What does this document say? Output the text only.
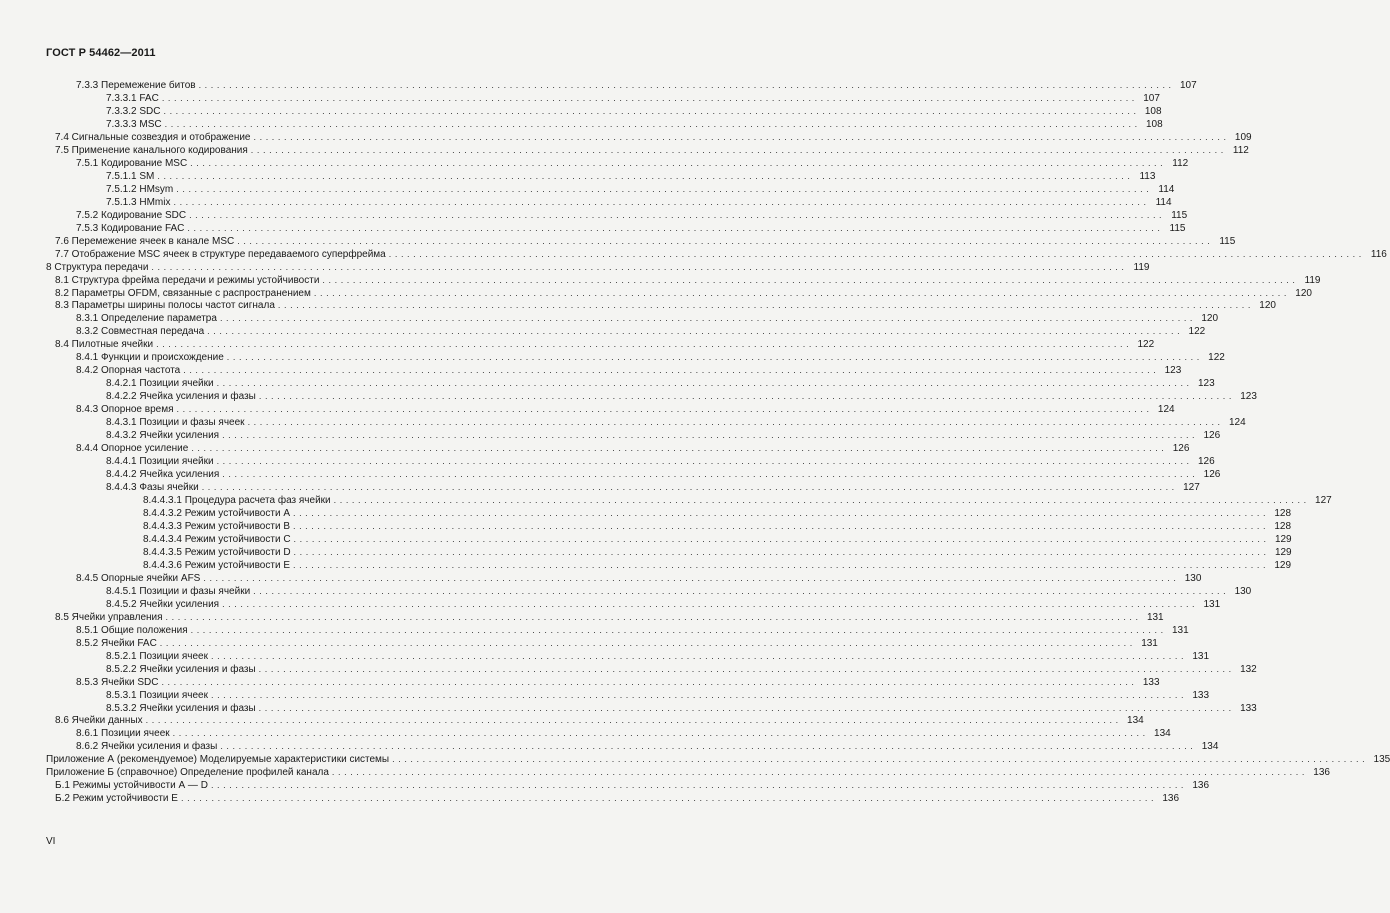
ГОСТ Р 54462—2011
7.3.3 Перемежение битов ................................................................................................................................................................ 107
7.3.3.1 FAC ................................................................................................................................................................ 107
7.3.3.2 SDC ................................................................................................................................................................ 108
7.3.3.3 MSC ................................................................................................................................................................ 108
7.4 Сигнальные созвездия и отображение ................................................................................................................................................................ 109
7.5 Применение канального кодирования ................................................................................................................................................................ 112
7.5.1 Кодирование MSC ................................................................................................................................................................ 112
7.5.1.1 SM ................................................................................................................................................................ 113
7.5.1.2 HMsym ................................................................................................................................................................ 114
7.5.1.3 HMmix ................................................................................................................................................................ 114
7.5.2 Кодирование SDC ................................................................................................................................................................ 115
7.5.3 Кодирование FAC ................................................................................................................................................................ 115
7.6 Перемежение ячеек в канале MSC ................................................................................................................................................................ 115
7.7 Отображение MSC ячеек в структуре передаваемого суперфрейма ................................................................................................................................................................ 116
8 Структура передачи ................................................................................................................................................................ 119
8.1 Структура фрейма передачи и режимы устойчивости ................................................................................................................................................................ 119
8.2 Параметры OFDM, связанные с распространением ................................................................................................................................................................ 120
8.3 Параметры ширины полосы частот сигнала ................................................................................................................................................................ 120
8.3.1 Определение параметра ................................................................................................................................................................ 120
8.3.2 Совместная передача ................................................................................................................................................................ 122
8.4 Пилотные ячейки ................................................................................................................................................................ 122
8.4.1 Функции и происхождение ................................................................................................................................................................ 122
8.4.2 Опорная частота ................................................................................................................................................................ 123
8.4.2.1 Позиции ячейки ................................................................................................................................................................ 123
8.4.2.2 Ячейка усиления и фазы ................................................................................................................................................................ 123
8.4.3 Опорное время ................................................................................................................................................................ 124
8.4.3.1 Позиции и фазы ячеек ................................................................................................................................................................ 124
8.4.3.2 Ячейки усиления ................................................................................................................................................................ 126
8.4.4 Опорное усиление ................................................................................................................................................................ 126
8.4.4.1 Позиции ячейки ................................................................................................................................................................ 126
8.4.4.2 Ячейка усиления ................................................................................................................................................................ 126
8.4.4.3 Фазы ячейки ................................................................................................................................................................ 127
8.4.4.3.1 Процедура расчета фаз ячейки ................................................................................................................................................................ 127
8.4.4.3.2 Режим устойчивости A ................................................................................................................................................................ 128
8.4.4.3.3 Режим устойчивости B ................................................................................................................................................................ 128
8.4.4.3.4 Режим устойчивости C ................................................................................................................................................................ 129
8.4.4.3.5 Режим устойчивости D ................................................................................................................................................................ 129
8.4.4.3.6 Режим устойчивости E ................................................................................................................................................................ 129
8.4.5 Опорные ячейки AFS ................................................................................................................................................................ 130
8.4.5.1 Позиции и фазы ячейки ................................................................................................................................................................ 130
8.4.5.2 Ячейки усиления ................................................................................................................................................................ 131
8.5 Ячейки управления ................................................................................................................................................................ 131
8.5.1 Общие положения ................................................................................................................................................................ 131
8.5.2 Ячейки FAC ................................................................................................................................................................ 131
8.5.2.1 Позиции ячеек ................................................................................................................................................................ 131
8.5.2.2 Ячейки усиления и фазы ................................................................................................................................................................ 132
8.5.3 Ячейки SDC ................................................................................................................................................................ 133
8.5.3.1 Позиции ячеек ................................................................................................................................................................ 133
8.5.3.2 Ячейки усиления и фазы ................................................................................................................................................................ 133
8.6 Ячейки данных ................................................................................................................................................................ 134
8.6.1 Позиции ячеек ................................................................................................................................................................ 134
8.6.2 Ячейки усиления и фазы ................................................................................................................................................................ 134
Приложение А (рекомендуемое) Моделируемые характеристики системы ................................................................................................................................................................ 135
Приложение Б (справочное) Определение профилей канала ................................................................................................................................................................ 136
Б.1 Режимы устойчивости А — D ................................................................................................................................................................ 136
Б.2 Режим устойчивости Е ................................................................................................................................................................ 136
VI
